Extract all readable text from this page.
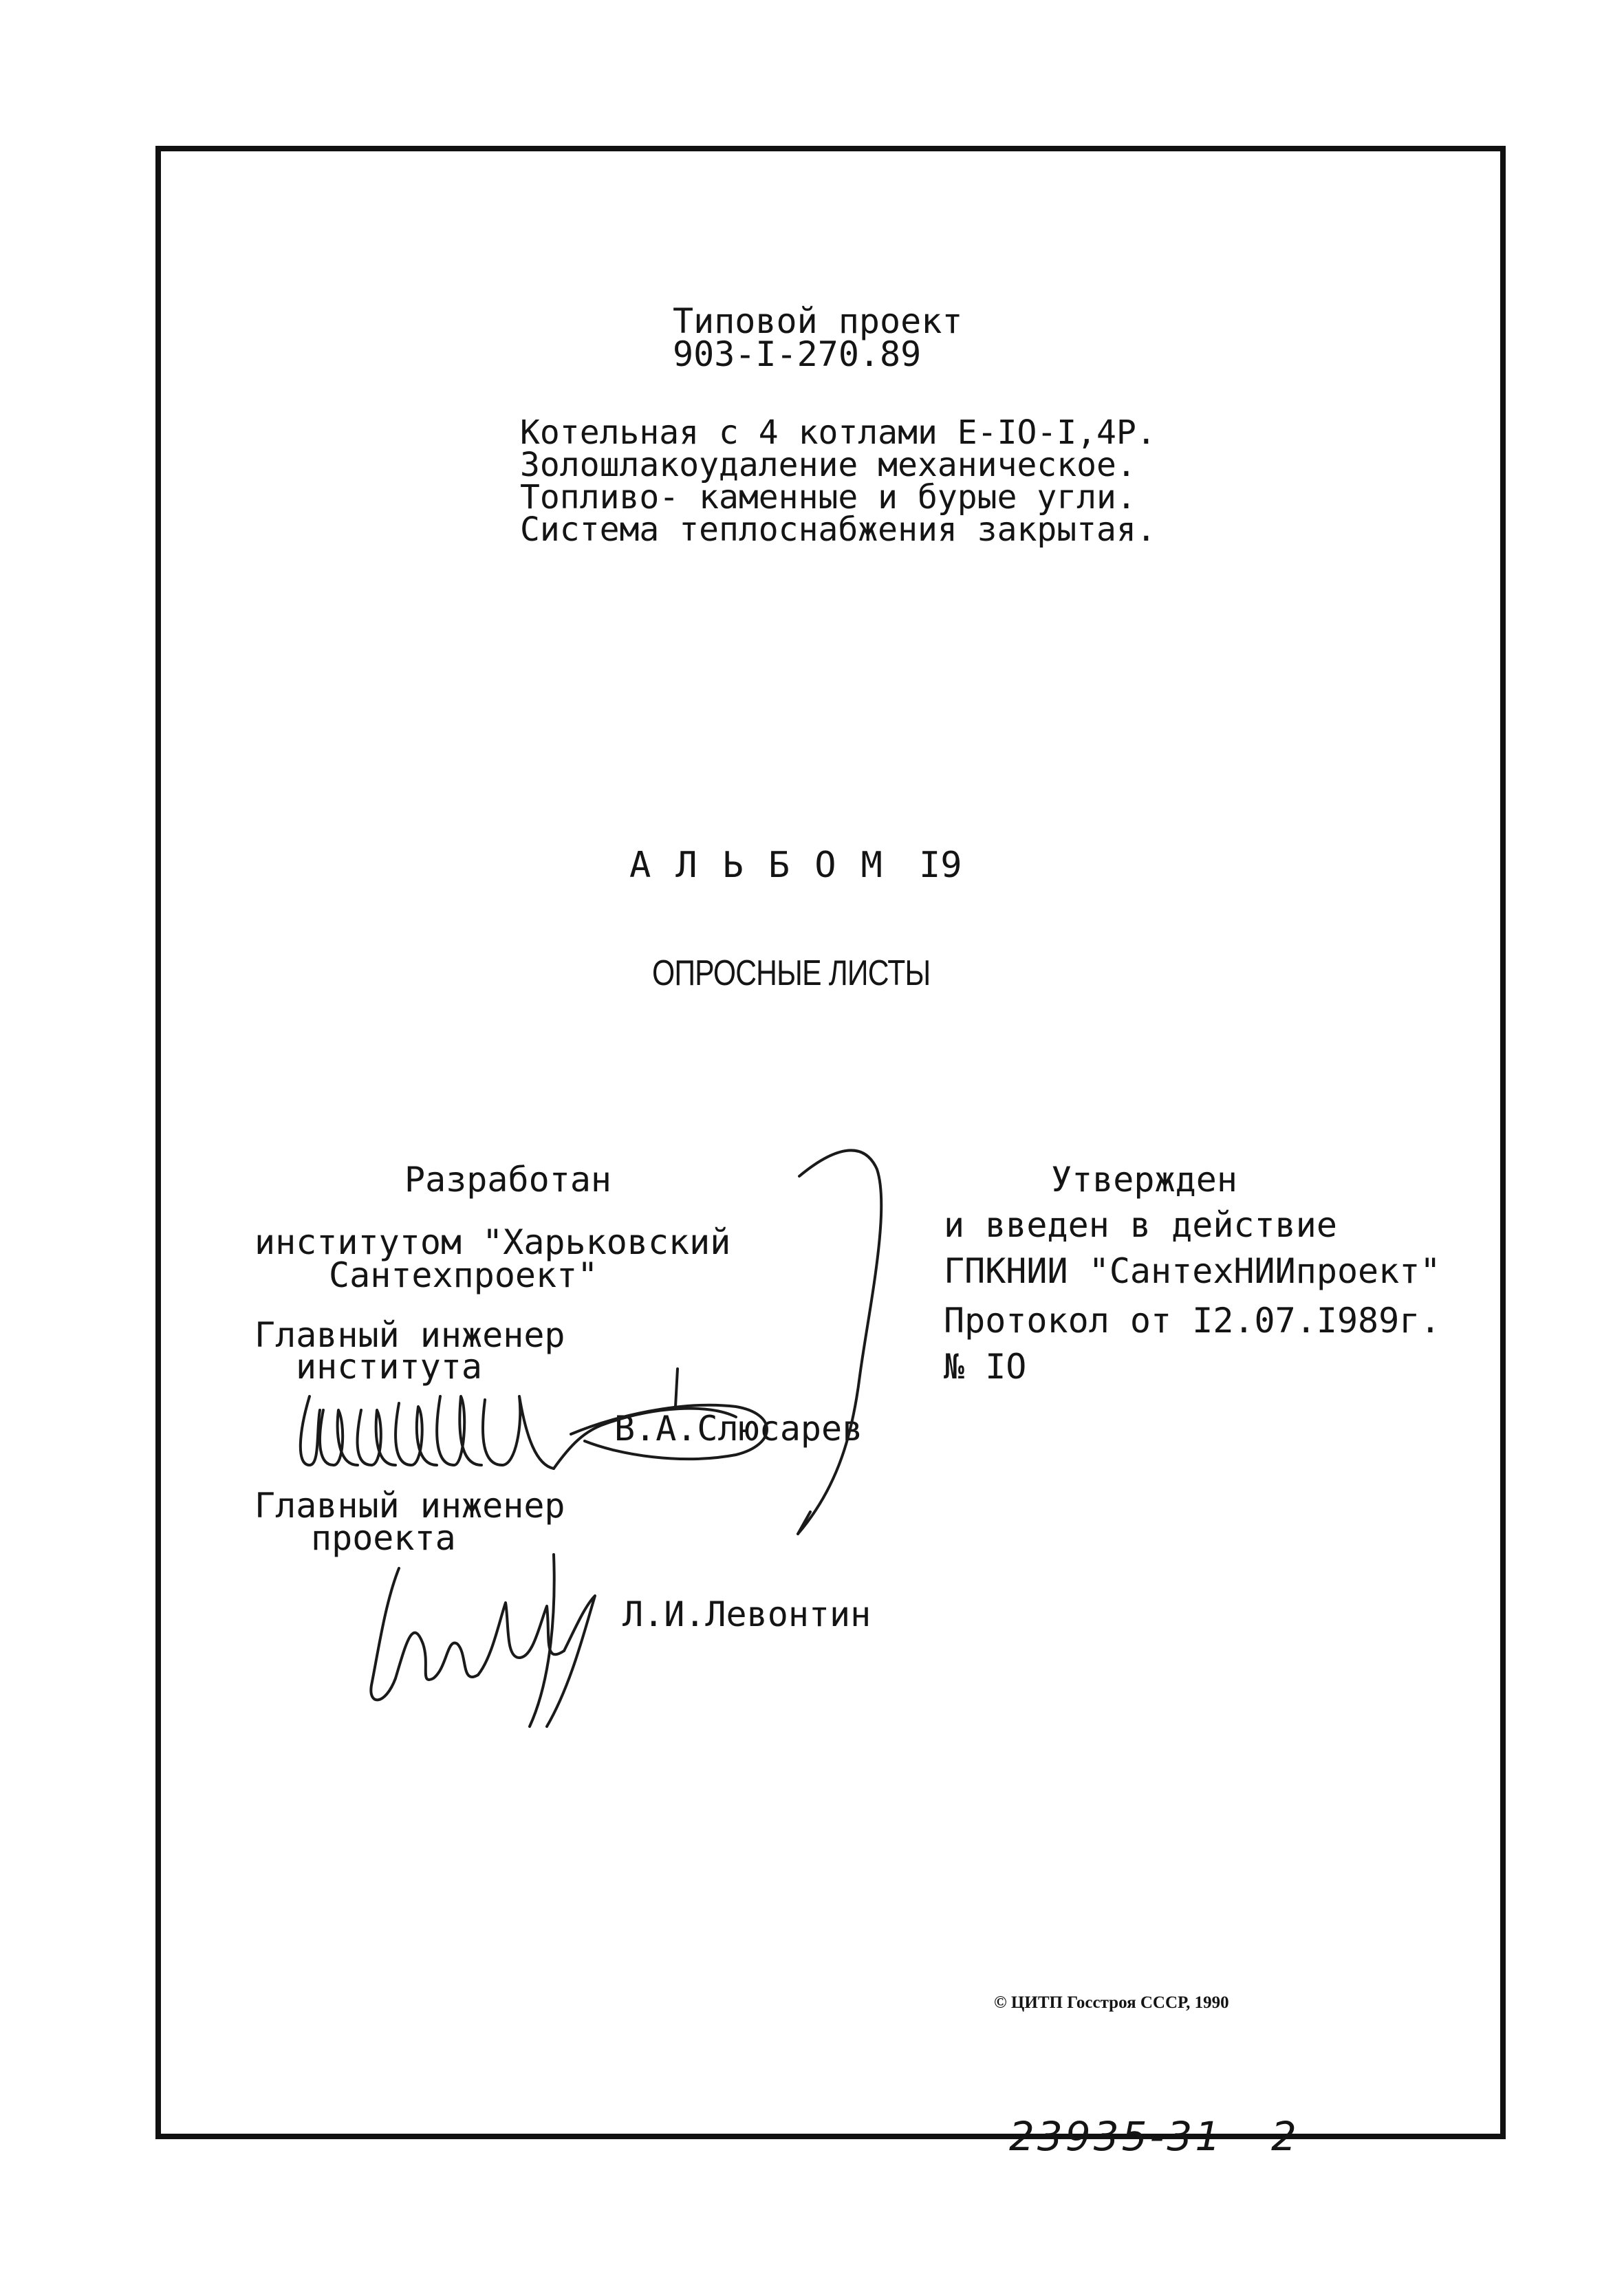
Типовой проект
903-I-270.89
Котельная с 4 котлами Е-IO-I,4Р.
Золошлакоудаление механическое.
Топливо- каменные и бурые угли.
Система теплоснабжения закрытая.
АЛЬБОМ I9
ОПРОСНЫЕ ЛИСТЫ
Разработан
институтом "Харьковский
Сантехпроект"
Главный инженер
института
В.А.Слюсарев
Главный инженер
проекта
Л.И.Левонтин
Утвержден
и введен в действие
ГПКНИИ "СантехНИИпроект"
Протокол от I2.07.I989г.
№ IO
© ЦИТП Госстроя СССР, 1990
23935-31 2
